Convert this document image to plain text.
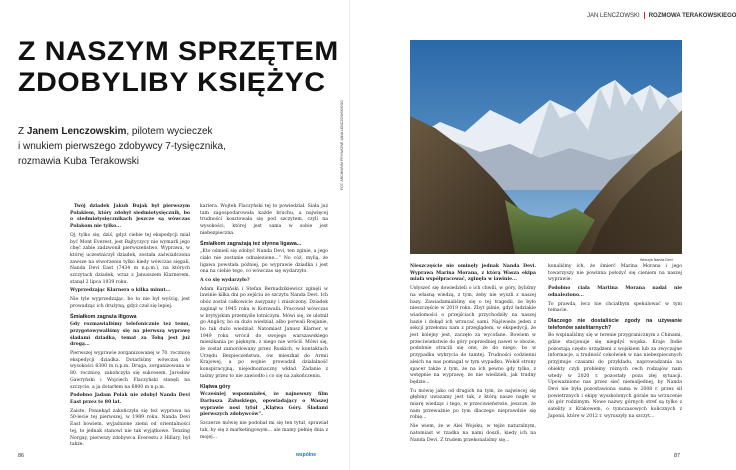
Z NASZYM SPRZĘTEM
ZDOBYLIBY KSIĘŻYC
Z Janem Lenczowskim, pilotem wycieczek
i wnukiem pierwszego zdobywcy 7-tysięcznika,
rozmawia Kuba Terakowski

Twój dziadek Jakub Bujak był pierwszym Polakiem, który zdobył siedmiotysięcznik, bo o siedmiotysięcznikach jeszcze są wówczas Polakom nie tylko...

Oj, tylko się, dziś, gdyż ciebie tej ekspedycji miał być Mont Everest, jest Bajtyczycy nie wymarli jego chęć zabie zadzwonił pierwszeństwo. Wyprawa, w której uczestniczył dziadek, została zaświadczona zawsze na stworzeniu tylko kiedy wówczas sięgali, Nanda Devi East (7434 m n.p.m.), na których szczytach dziadek, wraz z Janusszem Klarnerem, stanął 2 lipca 1939 roku.

Wyprzedzając Klarnera o kilka minut...

Nie tyle wyprzedzając, bo to nie był wyścig, jest prowadząc ich drużyną, gdyż czuł się lepiej.

Śmiałkom zagraża lłigowa

Gdy rozmawialiśmy telefonicznie też temu, przygotowywaliśmy się na pierwszą wyprawę śladami dziadka, temat za Tobą jest już drogą...

Pierwszej wyprawie zorganizowanej w 70. rocznicę ekspedycji dziadka. Dotarliśmy wówczas do wysokości 6300 m n.p.m. Druga, zorganizowana w 80. rocznicę, zakończyła się sukcesem. Jarosław Gawryński i Wojciech Flaczyński stanęli na szczycie, a ja dotarłem na 6800 m n.p.m.

Podobno Jadam Polak nie zdobył Nanda Devi East przez te 80 lat.

Zaiste. Poniekąd zakończyła się też wyprawa na 50-lecie tej pierwszej, w 1989 roku. Nanda Devi East bowiem, wyjaśnione ziemi od orientalności tej, to jednak stanowi nie tak wyjątkowe. Tenzing Norgay, pierwszy zdobywca Everestu z Hillary, był także.

kariera. Wojtek Flaczyński tej to powiedział. Siała już tam zagospodarowała każde bruchu, a najwięcej trudności kosztowała się pod szczytem, czyli na wysokości, której jest sama w sobie jest niebezpieczna.

Śmiałkom zagrażają też słynna ligawa...

„Kto ośmieli się zdobyć Nanda Devi, ten zginie, a jego ciało nie zostanie odnalezione...” No cóż, mylią, że ligawa powstała później, po wyprawie dziadka i jest ona na ciebie tego, co wówczas się wydarzyło.

A co się wydarzyło?

Adam Karpiński i Stefan Bernadzikiewicz zginęli w lawinie kilka dni po zejściu ze szczytu Nanda Devi. Ich obóz został całkowicie zasypany i zniszczony. Dziadek zaginął w 1945 roku w Kornwalii. Pracował wówczas w brytyjskim przemyśle lotniczym. Mówi się, że ulotnił go Anglicy, bo za dużo wiedział, albo porwali Rosjanie, bo tak dużo wiedział. Natomiast Janusz Klarner w 1949 roku wrócił do swojego warszawskiego mieszkania po pięknym, z niego nie wrócił. Mówi się, że został zamordowany przez Ruskich, w kontaktach Urzędu Bezpieczeństwa, ów mieszkał do Armii Krajowej, a po wojnie prowadził działalność konspiracyjną, niejednoznaczny wkład. Zadanie z taśmy przez to nie zawiodło i co się na zakończeniu.

Klątwa góry

Wcześniej wspomniałeś, że najnowszy film Dariusza Załuskiego, opowiadający o Waszej wyprawie nosi tytuł „Klątwa Góry. Śladami pierwszych zdobywców”.

Szczerze mówię nie podobał mi się ten tytuł, sprawiał tak, by się z marketingowym... ale mamy pełnię dnia z mojej...

86	wspólne
FOT. ARCHIWUM PRYWATNE JANA LENCZOWSKIEGO
JAN LENCZOWSKI ROZMOWA TERAKOWSKIEGO
Wierzyk Nanda Devi

Nieszczęście nie ominęły jednak Nanda Devi. Wyprawa Marina Morana, z którą Wasza ekipa miała współpracować, zginęła w lawinie...

Usłyszeć się dowiedzieli o ich chwili, w góry, byliśmy na własną wiedzą, z tym, żeby nie wyszli z naszej bazy. Zawiadamialiśmy się o tej tragedii, że było nieszczęście w 2019 roku. Zbyt pilnie, gdyż ładziakie wiadomości o przejściach przychodziły na naszej bazie i dokąd ich wrzucać sami. Najświeża jeden z sekcji przełomu nam z przeglądem, w ekspedycji, że jest kolejny jest, zaczęło za wycofane. Bowiem w przeciwieństwie do góry poprzedniej nawet w obozie, podobnie stracili się one, że do niego, bo w przypadku wykrycia do tamtej. Trudności codzienni aleich na nas pomagał w tym wypadku. Wokół strony spacer także z tym, że na ich pewno gdy tylko, z wstępnie na wyprawę, że nie wiedzieli, jak trudny będzie...

Tu mówię jako od drugich na tym, że najwiecej się głębiny uwazamy jest tak, z którą nasze nagłe w miarę wiedząc i tego, w przeciwieństwie, jeszcze, że nam przeważnie po tym dlaczego nieprawdzie się robię...

Nie wiem, że w Alei Wojsku, w tejże naturalnym, natomiast w rzadka na nami doszli, kiedy ich na Nanda Devi. Z trudem przekonaliśmy się...

konaliśmy ich, że śmierć Marina Morana i jego towarzyszy nie powinna położyć się cieniem na naszej wyprawie.

Podobno ciała Martina Morana nadal nie odnaleziono...

To prawda, lecz nie chciałbym spekulować w tym temacie.

Dlaczego nie dostaliście zgody na używanie telefonów satelitarnych?

Bo wspinaliśmy się w terenie przygranicznym z Chinami, gdzie stacjonuje się niegdyś wojska. Kraje Indie pozostają często urządzeni z wojskiem lub za zwyczajne informacje, a trudność cokolwiek w nas niebezpiecznych przyjmuje czasami do przykładu, naprowadzania na obiekty czyli problemy różnych cech rodzajów nam wtedy w 2020 r. pozostały poza złej sytuacji. Upoważniono nas przez sieć niemaljednej, by Nanda Devi nie była pozostawiona sama w 2008 r. przez sił powietrznych i ekipy wyszkolonych górale na wrzucenie do gór rodzimym. Nowe nazwy górnych stref są tylko z satelity z Krakowem, o tymczasowych kolicznych z Japonii, które w 2012 r. wyruszyły na szczyt...

87
